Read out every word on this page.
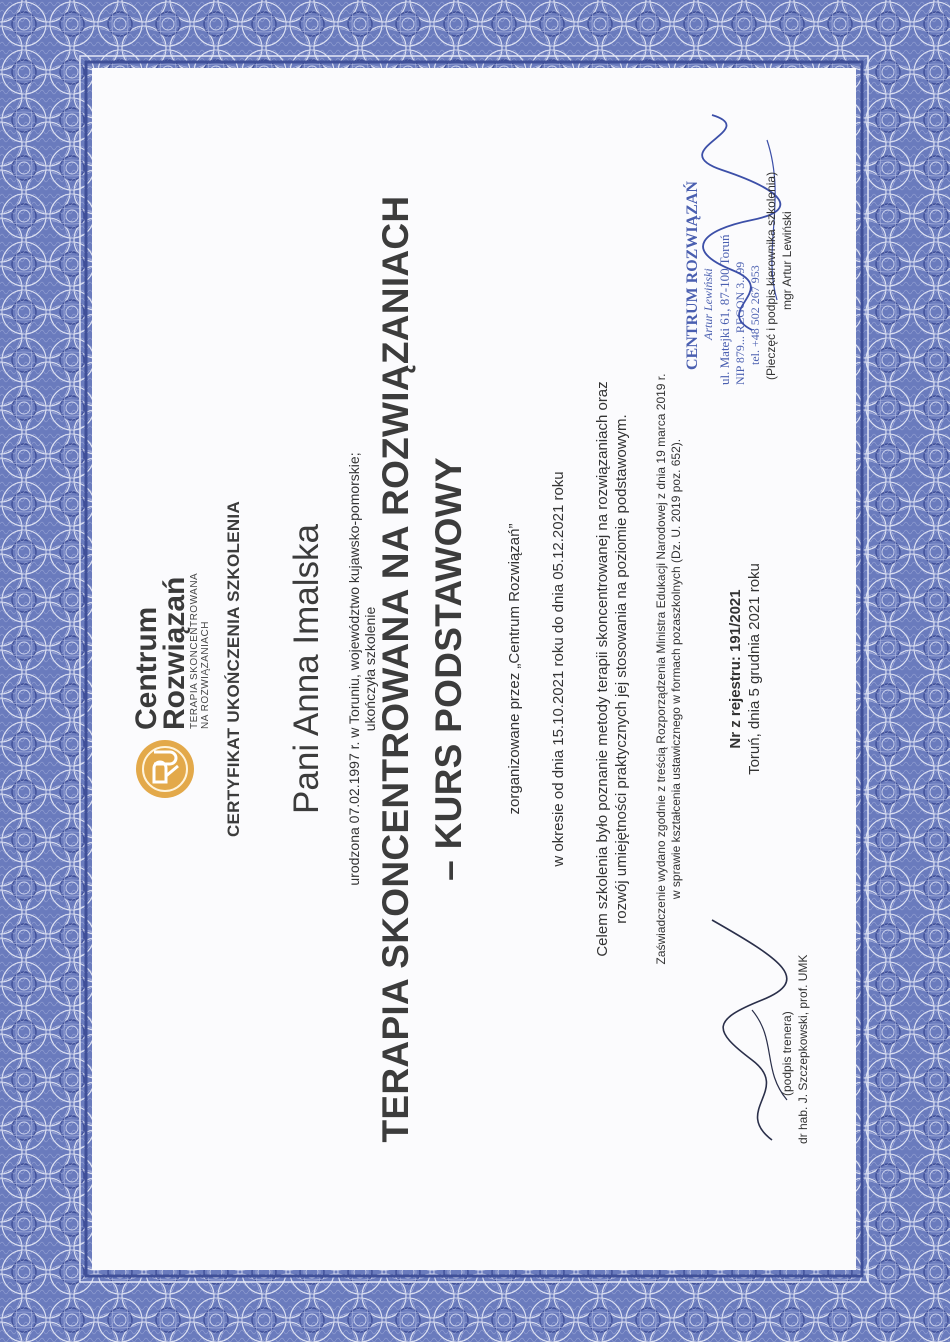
Centrum
Rozwiązań
TERAPIA SKONCENTROWANA NA ROZWIĄZANIACH CERTYFIKAT UKOŃCZENIA SZKOLENIA Pani Anna Imalska urodzona 07.02.1997 r. w Toruniu, województwo kujawsko-pomorskie; ukończyła szkolenie
TERAPIA SKONCENTROWANA NA ROZWIĄZANIACH – KURS PODSTAWOWY zorganizowane przez „Centrum Rozwiązań” w okresie od dnia 15.10.2021 roku do dnia 05.12.2021 roku Celem szkolenia było poznanie metody terapii skoncentrowanej na rozwiązaniach oraz rozwój umiejętności praktycznych jej stosowania na poziomie podstawowym. Zaświadczenie wydano zgodnie z treścią Rozporządzenia Ministra Edukacji Narodowej z dnia 19 marca 2019 r. w sprawie kształcenia ustawicznego w formach pozaszkolnych (Dz. U. 2019 poz. 652).	Nr z rejestru: 191/2021 Toruń, dnia 5 grudnia 2021 roku
(podpis trenera) dr hab. J. Szczepkowski, prof. UMK
CENTRUM ROZWIĄZAŃ Artur Lewiński ul. Matejki 61, 87-100 Toruń NIP 879... REGON 3...99 tel. +48 502 267 953 (Pieczęć i podpis kierownika szkolenia) mgr Artur Lewiński
